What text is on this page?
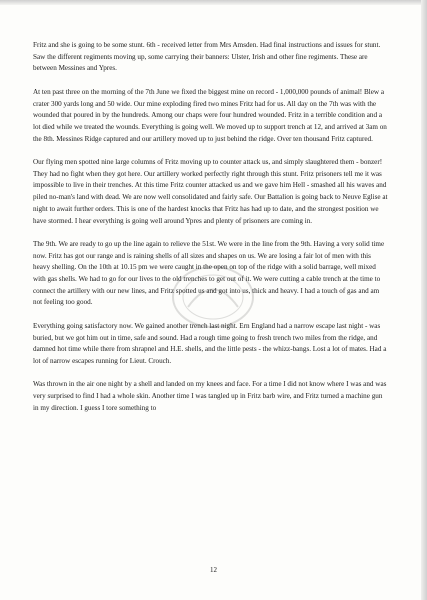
Fritz and she is going to be some stunt. 6th - received letter from Mrs Amsden. Had final instructions and issues for stunt. Saw the different regiments moving up, some carrying their banners: Ulster, Irish and other fine regiments. These are between Messines and Ypres.

At ten past three on the morning of the 7th June we fixed the biggest mine on record - 1,000,000 pounds of animal! Blew a crater 300 yards long and 50 wide. Our mine exploding fired two mines Fritz had for us. All day on the 7th was with the wounded that poured in by the hundreds. Among our chaps were four hundred wounded. Fritz in a terrible condition and a lot died while we treated the wounds. Everything is going well. We moved up to support trench at 12, and arrived at 3am on the 8th. Messines Ridge captured and our artillery moved up to just behind the ridge. Over ten thousand Fritz captured.

Our flying men spotted nine large columns of Fritz moving up to counter attack us, and simply slaughtered them - bonzer! They had no fight when they got here. Our artillery worked perfectly right through this stunt. Fritz prisoners tell me it was impossible to live in their trenches. At this time Fritz counter attacked us and we gave him Hell - smashed all his waves and piled no-man's land with dead. We are now well consolidated and fairly safe. Our Battalion is going back to Neuve Eglise at night to await further orders. This is one of the hardest knocks that Fritz has had up to date, and the strongest position we have stormed. I hear everything is going well around Ypres and plenty of prisoners are coming in.

The 9th. We are ready to go up the line again to relieve the 51st. We were in the line from the 9th. Having a very solid time now. Fritz has got our range and is raining shells of all sizes and shapes on us. We are losing a fair lot of men with this heavy shelling. On the 10th at 10.15 pm we were caught in the open on top of the ridge with a solid barrage, well mixed with gas shells. We had to go for our lives to the old trenches to get out of it. We were cutting a cable trench at the time to connect the artillery with our new lines, and Fritz spotted us and got into us, thick and heavy. I had a touch of gas and am not feeling too good.

Everything going satisfactory now. We gained another trench last night. Ern England had a narrow escape last night - was buried, but we got him out in time, safe and sound. Had a rough time going to fresh trench two miles from the ridge, and damned hot time while there from shrapnel and H.E. shells, and the little pests - the whizz-bangs. Lost a lot of mates. Had a lot of narrow escapes running for Lieut. Crouch.

Was thrown in the air one night by a shell and landed on my knees and face. For a time I did not know where I was and was very surprised to find I had a whole skin. Another time I was tangled up in Fritz barb wire, and Fritz turned a machine gun in my direction. I guess I tore something to

12
